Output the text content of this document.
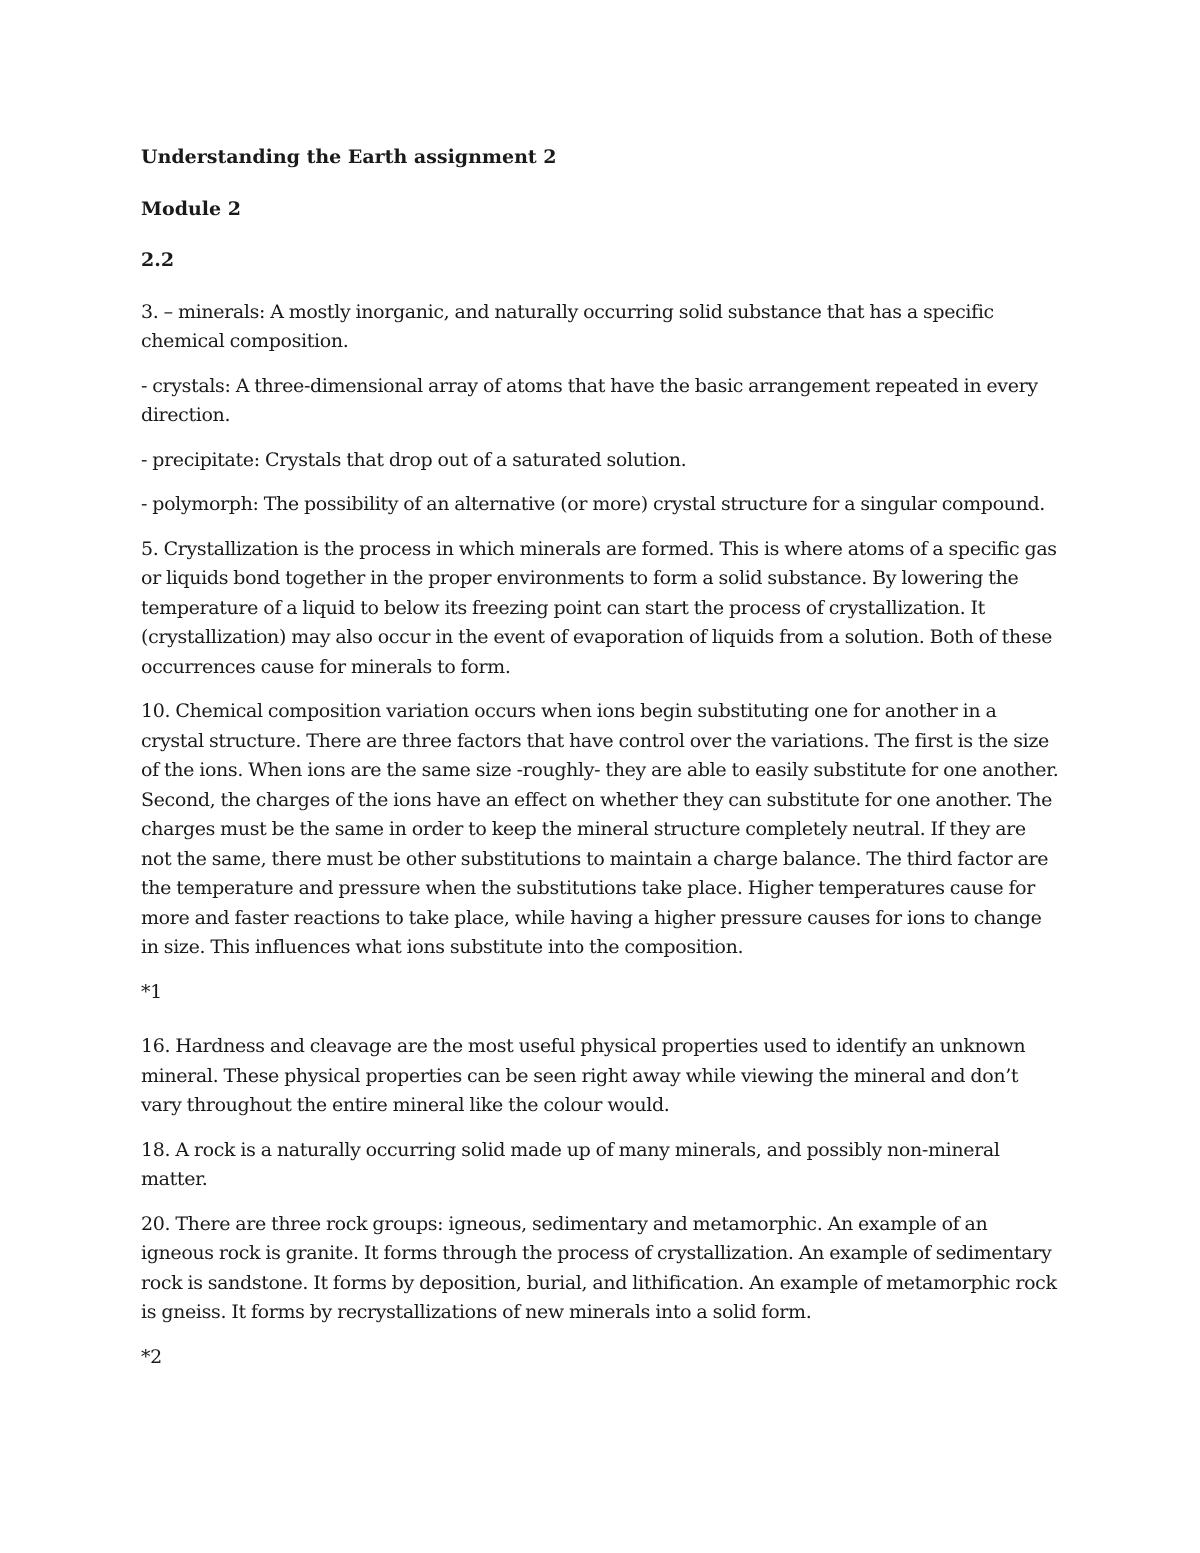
Understanding the Earth assignment 2

Module 2

2.2

3. – minerals: A mostly inorganic, and naturally occurring solid substance that has a specific chemical composition.

- crystals: A three-dimensional array of atoms that have the basic arrangement repeated in every direction.

- precipitate: Crystals that drop out of a saturated solution.

- polymorph: The possibility of an alternative (or more) crystal structure for a singular compound.

5. Crystallization is the process in which minerals are formed. This is where atoms of a specific gas or liquids bond together in the proper environments to form a solid substance. By lowering the temperature of a liquid to below its freezing point can start the process of crystallization. It (crystallization) may also occur in the event of evaporation of liquids from a solution. Both of these occurrences cause for minerals to form.

10. Chemical composition variation occurs when ions begin substituting one for another in a crystal structure. There are three factors that have control over the variations. The first is the size of the ions. When ions are the same size -roughly- they are able to easily substitute for one another. Second, the charges of the ions have an effect on whether they can substitute for one another. The charges must be the same in order to keep the mineral structure completely neutral. If they are not the same, there must be other substitutions to maintain a charge balance. The third factor are the temperature and pressure when the substitutions take place. Higher temperatures cause for more and faster reactions to take place, while having a higher pressure causes for ions to change in size. This influences what ions substitute into the composition.

*1

16. Hardness and cleavage are the most useful physical properties used to identify an unknown mineral. These physical properties can be seen right away while viewing the mineral and don’t vary throughout the entire mineral like the colour would.

18. A rock is a naturally occurring solid made up of many minerals, and possibly non-mineral matter.

20. There are three rock groups: igneous, sedimentary and metamorphic. An example of an igneous rock is granite. It forms through the process of crystallization. An example of sedimentary rock is sandstone. It forms by deposition, burial, and lithification. An example of metamorphic rock is gneiss. It forms by recrystallizations of new minerals into a solid form.

*2
